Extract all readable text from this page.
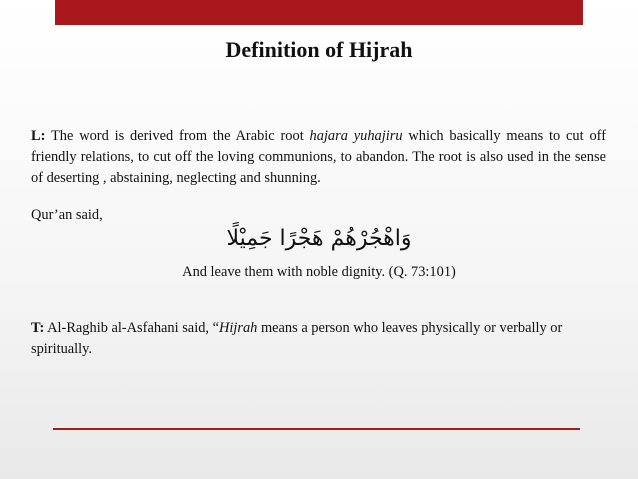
Definition of Hijrah

L: The word is derived from the Arabic root hajara yuhajiru which basically means to cut off friendly relations, to cut off the loving communions, to abandon. The root is also used in the sense of deserting , abstaining, neglecting and shunning.

Qur’an said,
وَاهْجُرْهُمْ هَجْرًا جَمِيْلًا
And leave them with noble dignity. (Q. 73:101)

T: Al-Raghib al-Asfahani said, “Hijrah means a person who leaves physically or verbally or spiritually.
